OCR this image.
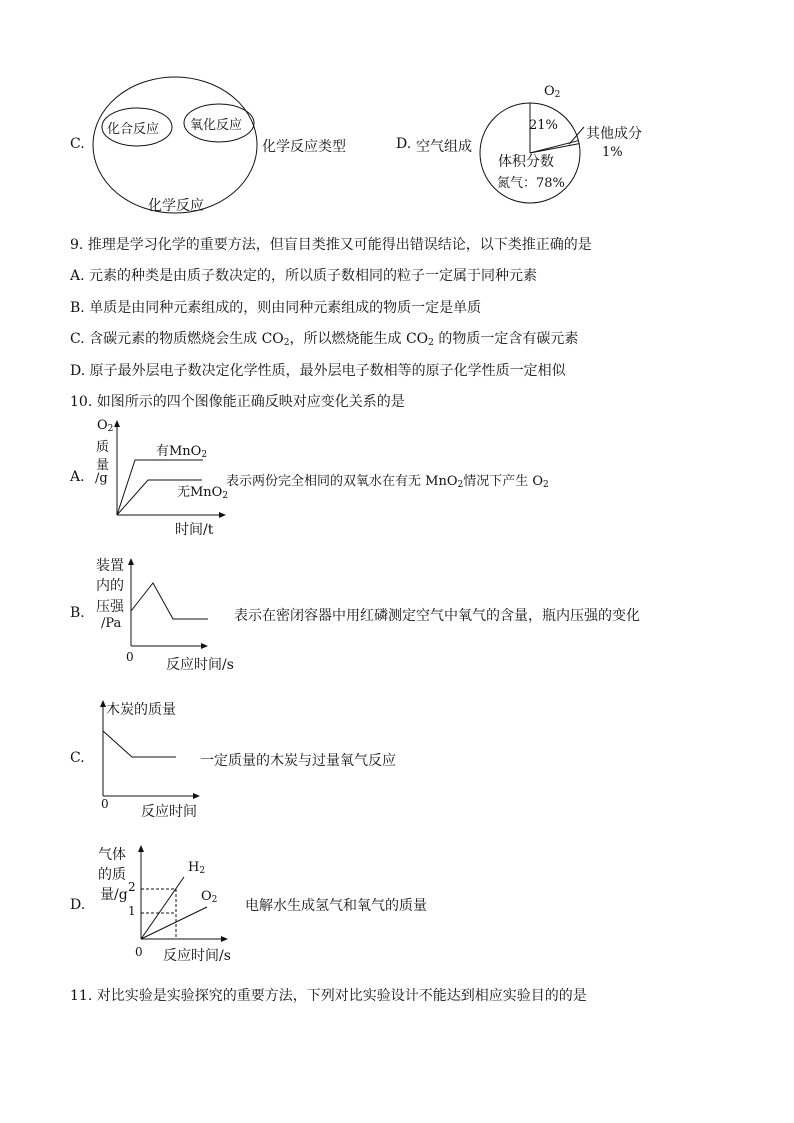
C.
化合反应 氧化反应
化学反应类型
化学反应
D. 空气组成
$O_2$
21%
其他成分
1%
体积分数
氮气：78%
9. 推理是学习化学的重要方法，但盲目类推又可能得出错误结论，以下类推正确的是
A. 元素的种类是由质子数决定的，所以质子数相同的粒子一定属于同种元素
B. 单质是由同种元素组成的，则由同种元素组成的物质一定是单质
C. 含碳元素的物质燃烧会生成 $CO_2$，所以燃烧能生成 $CO_2$ 的物质一定含有碳元素
D. 原子最外层电子数决定化学性质，最外层电子数相等的原子化学性质一定相似
10. 如图所示的四个图像能正确反映对应变化关系的是
A.
$O_2$
质
量
/g
有MnO$_2$
无MnO$_2$
时间/t
表示两份完全相同的双氧水在有无 MnO$_2$情况下产生 $O_2$
B.
装置
内的
压强
/Pa
0 反应时间/s
表示在密闭容器中用红磷测定空气中氧气的含量，瓶内压强的变化
C.
木炭的质量
0 反应时间
一定质量的木炭与过量氧气反应
D.
气体
的质
量/g 2
1
0
$H_2$
$O_2$
反应时间/s
电解水生成氢气和氧气的质量
11. 对比实验是实验探究的重要方法，下列对比实验设计不能达到相应实验目的的是
